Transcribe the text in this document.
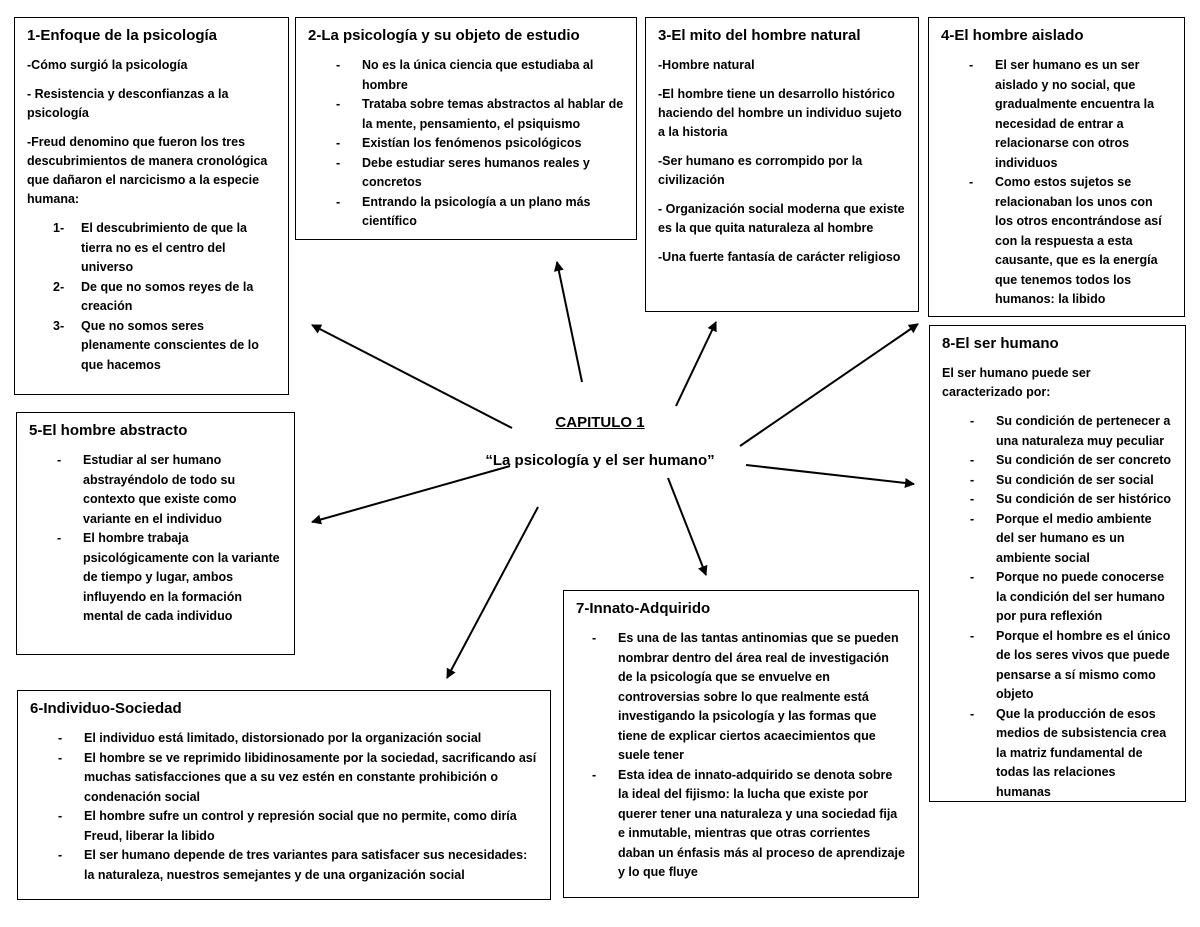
CAPITULO 1
“La psicología y el ser humano”
1-Enfoque de la psicología

-Cómo surgió la psicología

- Resistencia y desconfianzas a la psicología

-Freud denomino que fueron los tres descubrimientos de manera cronológica que dañaron el narcicismo a la especie humana:

1- El descubrimiento de que la tierra no es el centro del universo
2- De que no somos reyes de la creación
3- Que no somos seres plenamente conscientes de lo que hacemos
2-La psicología y su objeto de estudio
- No es la única ciencia que estudiaba al hombre
- Trataba sobre temas abstractos al hablar de la mente, pensamiento, el psiquismo
- Existían los fenómenos psicológicos
- Debe estudiar seres humanos reales y concretos
- Entrando la psicología a un plano más científico
3-El mito del hombre natural

-Hombre natural

-El hombre tiene un desarrollo histórico haciendo del hombre un individuo sujeto a la historia

-Ser humano es corrompido por la civilización

- Organización social moderna que existe es la que quita naturaleza al hombre

-Una fuerte fantasía de carácter religioso

4-El hombre aislado
- El ser humano es un ser aislado y no social, que gradualmente encuentra la necesidad de entrar a relacionarse con otros individuos
- Como estos sujetos se relacionaban los unos con los otros encontrándose así con la respuesta a esta causante, que es la energía que tenemos todos los humanos: la libido
5-El hombre abstracto
- Estudiar al ser humano abstrayéndolo de todo su contexto que existe como variante en el individuo
- El hombre trabaja psicológicamente con la variante de tiempo y lugar, ambos influyendo en la formación mental de cada individuo
6-Individuo-Sociedad
- El individuo está limitado, distorsionado por la organización social
- El hombre se ve reprimido libidinosamente por la sociedad, sacrificando así muchas satisfacciones que a su vez estén en constante prohibición o condenación social
- El hombre sufre un control y represión social que no permite, como diría Freud, liberar la libido
- El ser humano depende de tres variantes para satisfacer sus necesidades: la naturaleza, nuestros semejantes y de una organización social
7-Innato-Adquirido
- Es una de las tantas antinomias que se pueden nombrar dentro del área real de investigación de la psicología que se envuelve en controversias sobre lo que realmente está investigando la psicología y las formas que tiene de explicar ciertos acaecimientos que suele tener
- Esta idea de innato-adquirido se denota sobre la ideal del fijismo: la lucha que existe por querer tener una naturaleza y una sociedad fija e inmutable, mientras que otras corrientes daban un énfasis más al proceso de aprendizaje y lo que fluye
8-El ser humano

El ser humano puede ser caracterizado por:

- Su condición de pertenecer a una naturaleza muy peculiar
- Su condición de ser concreto
- Su condición de ser social
- Su condición de ser histórico
- Porque el medio ambiente del ser humano es un ambiente social
- Porque no puede conocerse la condición del ser humano por pura reflexión
- Porque el hombre es el único de los seres vivos que puede pensarse a sí mismo como objeto
- Que la producción de esos medios de subsistencia crea la matriz fundamental de todas las relaciones humanas
